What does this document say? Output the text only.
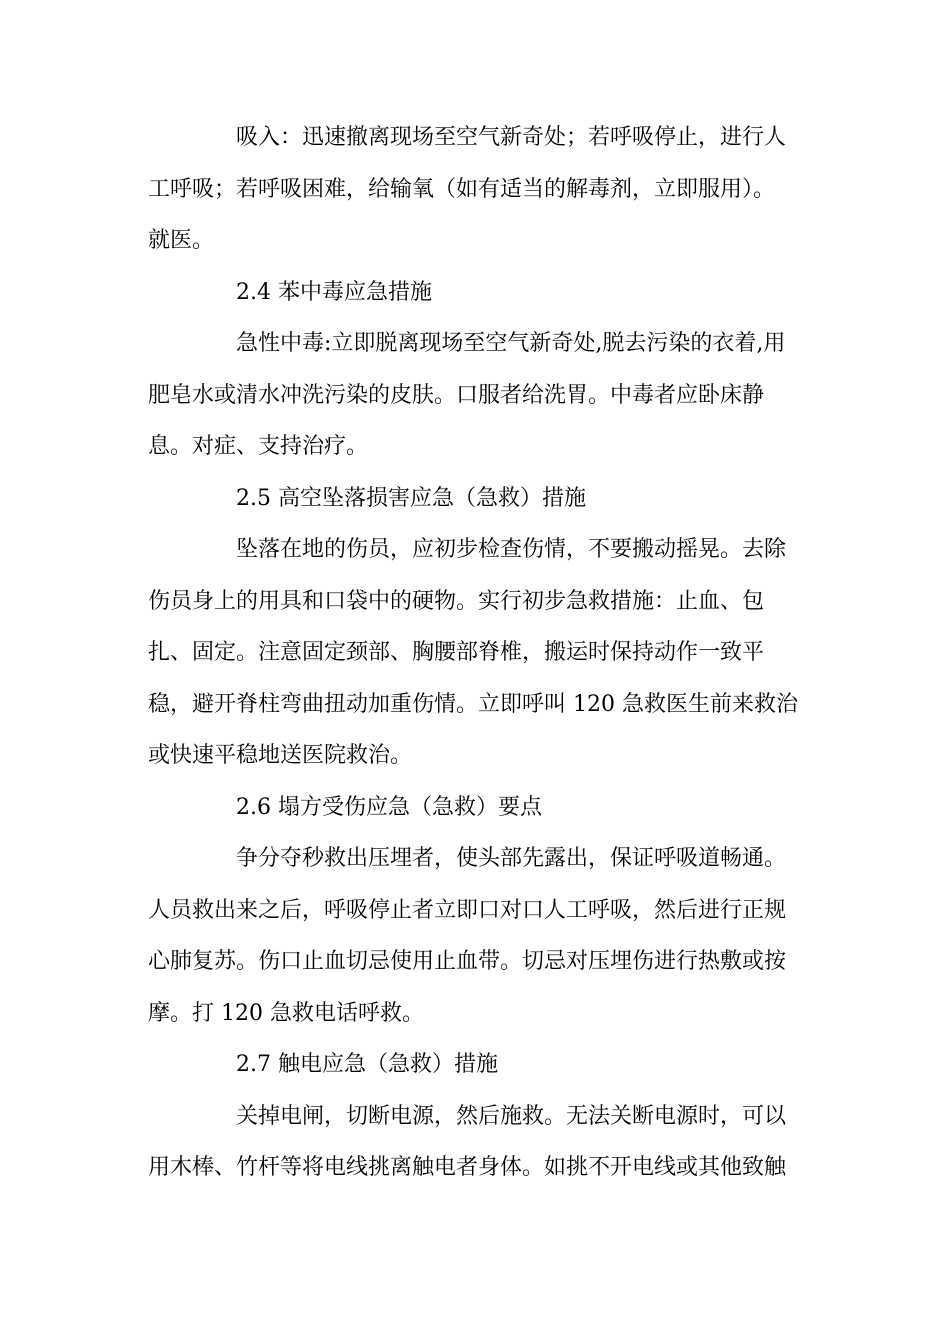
吸入：迅速撤离现场至空气新奇处；若呼吸停止，进行人
工呼吸；若呼吸困难，给输氧（如有适当的解毒剂，立即服用）。
就医。
2.4 苯中毒应急措施
急性中毒:立即脱离现场至空气新奇处,脱去污染的衣着,用
肥皂水或清水冲洗污染的皮肤。口服者给洗胃。中毒者应卧床静
息。对症、支持治疗。
2.5 高空坠落损害应急（急救）措施
坠落在地的伤员，应初步检查伤情，不要搬动摇晃。去除
伤员身上的用具和口袋中的硬物。实行初步急救措施：止血、包
扎、固定。注意固定颈部、胸腰部脊椎，搬运时保持动作一致平
稳，避开脊柱弯曲扭动加重伤情。立即呼叫 120 急救医生前来救治
或快速平稳地送医院救治。
2.6 塌方受伤应急（急救）要点
争分夺秒救出压埋者，使头部先露出，保证呼吸道畅通。
人员救出来之后，呼吸停止者立即口对口人工呼吸，然后进行正规
心肺复苏。伤口止血切忌使用止血带。切忌对压埋伤进行热敷或按
摩。打 120 急救电话呼救。
2.7 触电应急（急救）措施
关掉电闸，切断电源，然后施救。无法关断电源时，可以
用木棒、竹杆等将电线挑离触电者身体。如挑不开电线或其他致触
